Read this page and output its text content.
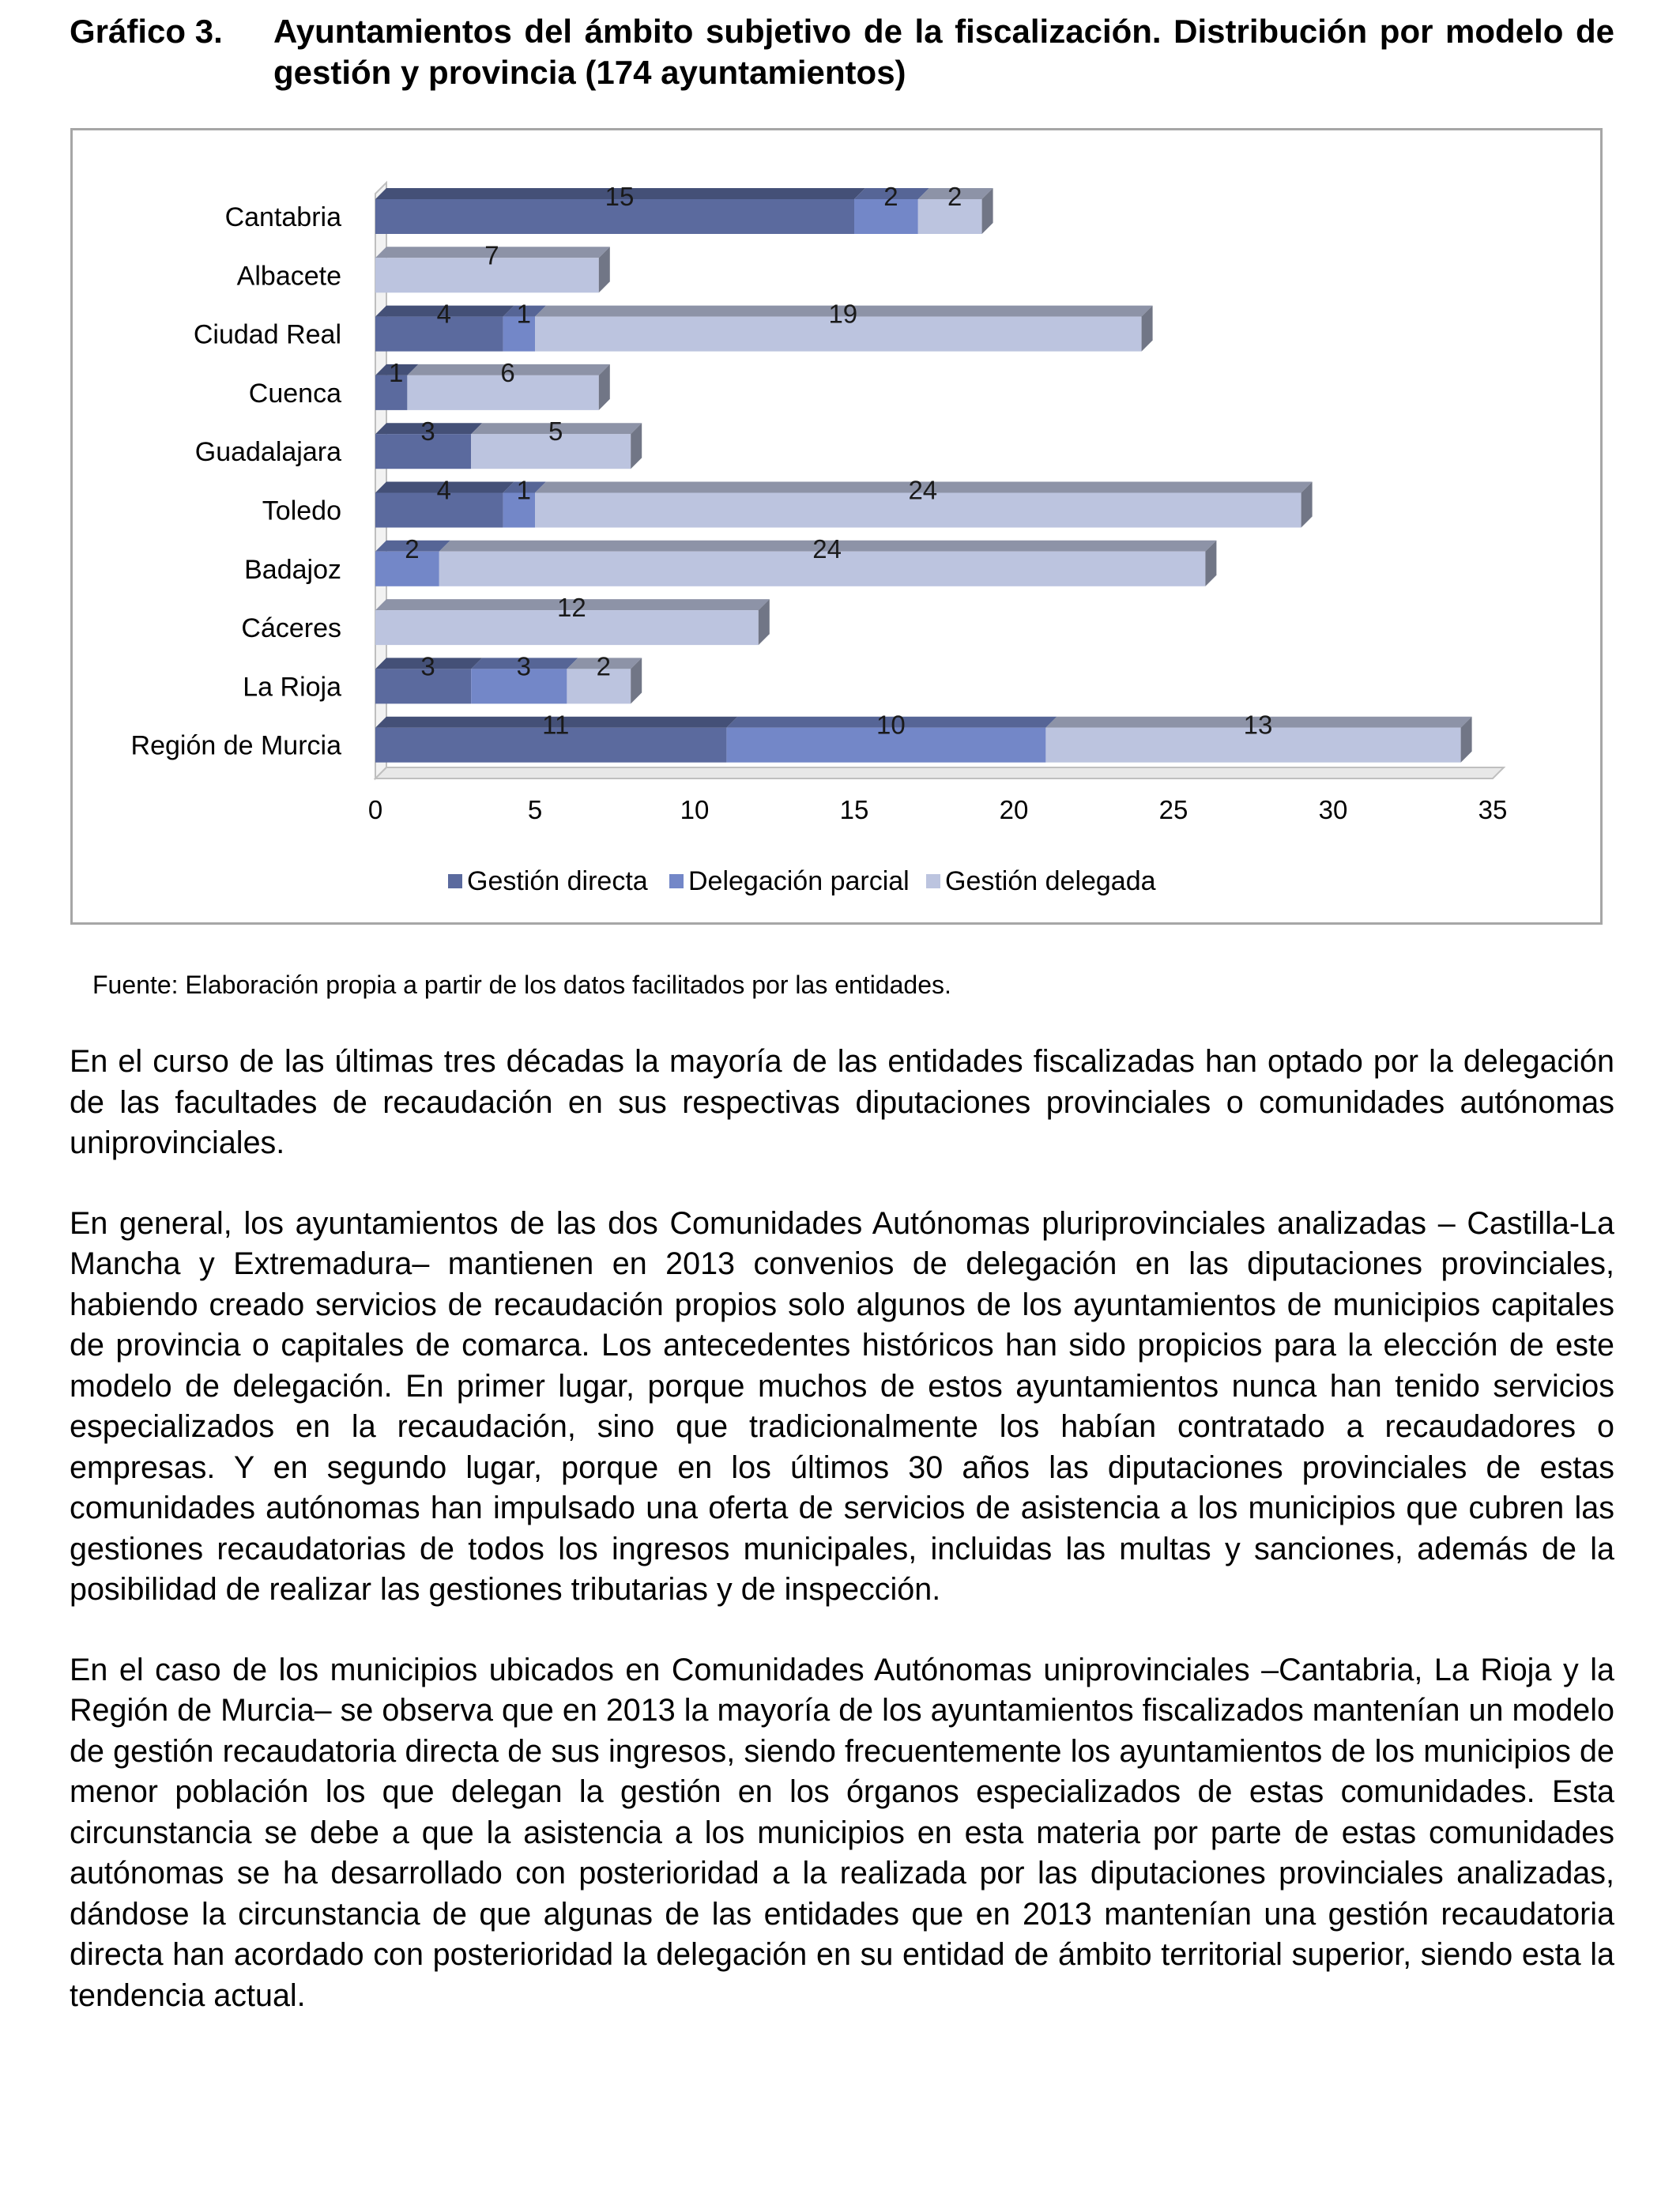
Gráfico 3. Ayuntamientos del ámbito subjetivo de la fiscalización. Distribución por modelo de gestión y provincia (174 ayuntamientos)
0	5	10	15	20	25	30	35
Cantabria
15	2 2
Albacete
7
Ciudad Real
4	1	19
Cuenca
1	6
Guadalajara
3	5
Toledo
4	1	24
Badajoz
2	24
Cáceres
12
La Rioja
3	3	2
Región de Murcia
11	10	13
Gestión directa Delegación parcial Gestión delegada
Fuente: Elaboración propia a partir de los datos facilitados por las entidades.

En el curso de las últimas tres décadas la mayoría de las entidades fiscalizadas han optado por la delegación de las facultades de recaudación en sus respectivas diputaciones provinciales o comunidades autónomas uniprovinciales.

En general, los ayuntamientos de las dos Comunidades Autónomas pluriprovinciales analizadas – Castilla-La Mancha y Extremadura– mantienen en 2013 convenios de delegación en las diputaciones provinciales, habiendo creado servicios de recaudación propios solo algunos de los ayuntamientos de municipios capitales de provincia o capitales de comarca. Los antecedentes históricos han sido propicios para la elección de este modelo de delegación. En primer lugar, porque muchos de estos ayuntamientos nunca han tenido servicios especializados en la recaudación, sino que tradicionalmente los habían contratado a recaudadores o empresas. Y en segundo lugar, porque en los últimos 30 años las diputaciones provinciales de estas comunidades autónomas han impulsado una oferta de servicios de asistencia a los municipios que cubren las gestiones recaudatorias de todos los ingresos municipales, incluidas las multas y sanciones, además de la posibilidad de realizar las gestiones tributarias y de inspección.

En el caso de los municipios ubicados en Comunidades Autónomas uniprovinciales –Cantabria, La Rioja y la Región de Murcia– se observa que en 2013 la mayoría de los ayuntamientos fiscalizados mantenían un modelo de gestión recaudatoria directa de sus ingresos, siendo frecuentemente los ayuntamientos de los municipios de menor población los que delegan la gestión en los órganos especializados de estas comunidades. Esta circunstancia se debe a que la asistencia a los municipios en esta materia por parte de estas comunidades autónomas se ha desarrollado con posterioridad a la realizada por las diputaciones provinciales analizadas, dándose la circunstancia de que algunas de las entidades que en 2013 mantenían una gestión recaudatoria directa han acordado con posterioridad la delegación en su entidad de ámbito territorial superior, siendo esta la tendencia actual.
